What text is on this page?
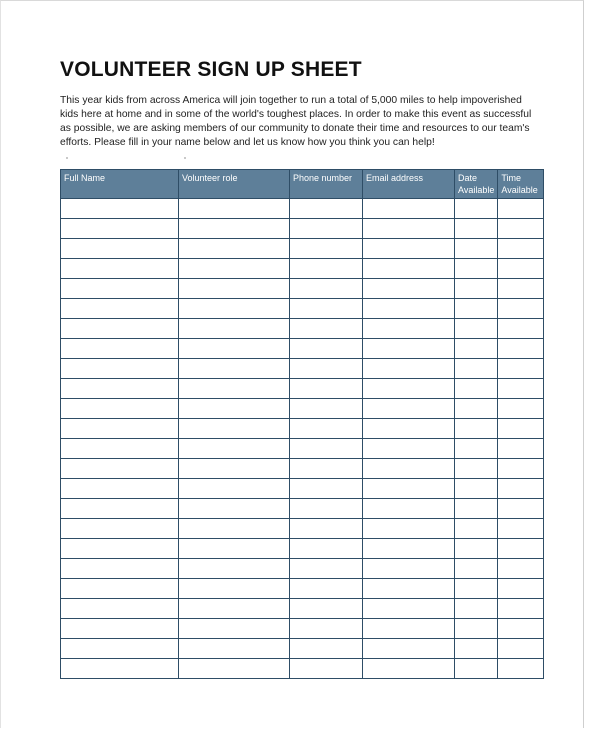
VOLUNTEER SIGN UP SHEET

This year kids from across America will join together to run a total of 5,000 miles to help impoverished kids here at home and in some of the world's toughest places. In order to make this event as successful as possible, we are asking members of our community to donate their time and resources to our team's efforts. Please fill in your name below and let us know how you think you can help!

Full Name	Volunteer role	Phone number	Email address	Date Available	Time Available
